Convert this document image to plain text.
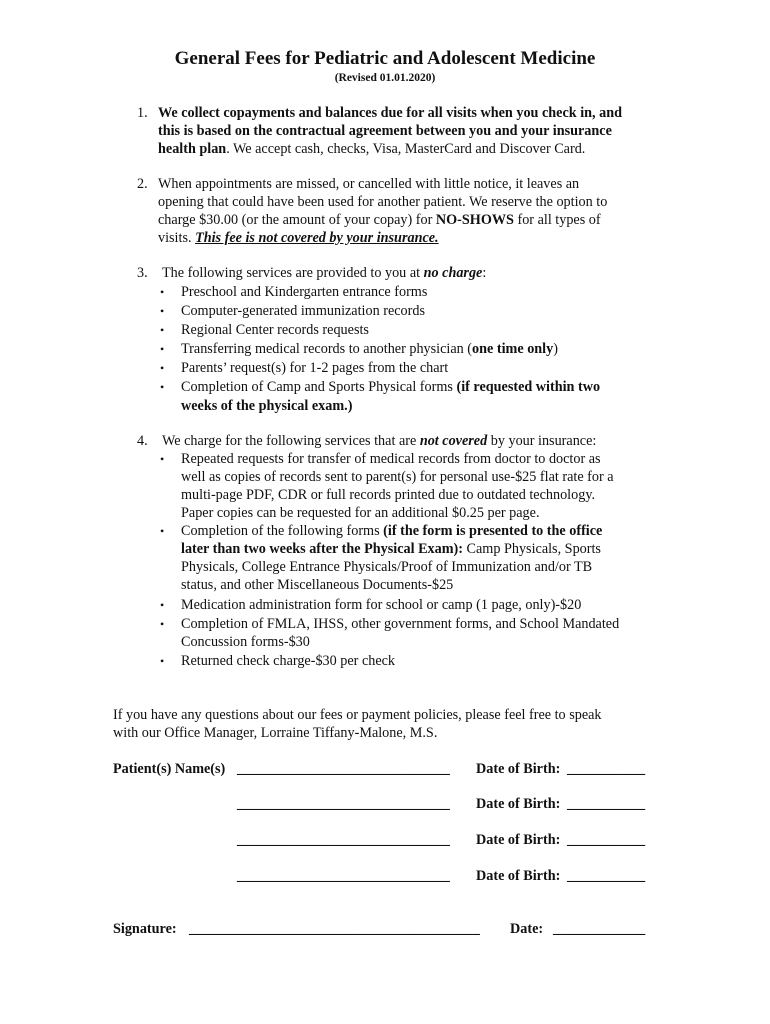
General Fees for Pediatric and Adolescent Medicine
(Revised 01.01.2020)
1. We collect copayments and balances due for all visits when you check in, and
this is based on the contractual agreement between you and your insurance
health plan. We accept cash, checks, Visa, MasterCard and Discover Card.
2. When appointments are missed, or cancelled with little notice, it leaves an
opening that could have been used for another patient. We reserve the option to
charge $30.00 (or the amount of your copay) for NO-SHOWS for all types of
visits. This fee is not covered by your insurance.
3. The following services are provided to you at no charge:
• Preschool and Kindergarten entrance forms
• Computer-generated immunization records
• Regional Center records requests
• Transferring medical records to another physician (one time only)
• Parents’ request(s) for 1-2 pages from the chart
• Completion of Camp and Sports Physical forms (if requested within two
weeks of the physical exam.)
4. We charge for the following services that are not covered by your insurance:
• Repeated requests for transfer of medical records from doctor to doctor as
well as copies of records sent to parent(s) for personal use-$25 flat rate for a
multi-page PDF, CDR or full records printed due to outdated technology.
Paper copies can be requested for an additional $0.25 per page.
• Completion of the following forms (if the form is presented to the office
later than two weeks after the Physical Exam): Camp Physicals, Sports
Physicals, College Entrance Physicals/Proof of Immunization and/or TB
status, and other Miscellaneous Documents-$25
• Medication administration form for school or camp (1 page, only)-$20
• Completion of FMLA, IHSS, other government forms, and School Mandated
Concussion forms-$30
• Returned check charge-$30 per check
If you have any questions about our fees or payment policies, please feel free to speak
with our Office Manager, Lorraine Tiffany-Malone, M.S.
Patient(s) Name(s) ______________________________ Date of Birth: ___________
______________________________ Date of Birth: ___________
______________________________ Date of Birth: ___________
______________________________ Date of Birth: ___________
Signature: _________________________________________ Date: _____________
